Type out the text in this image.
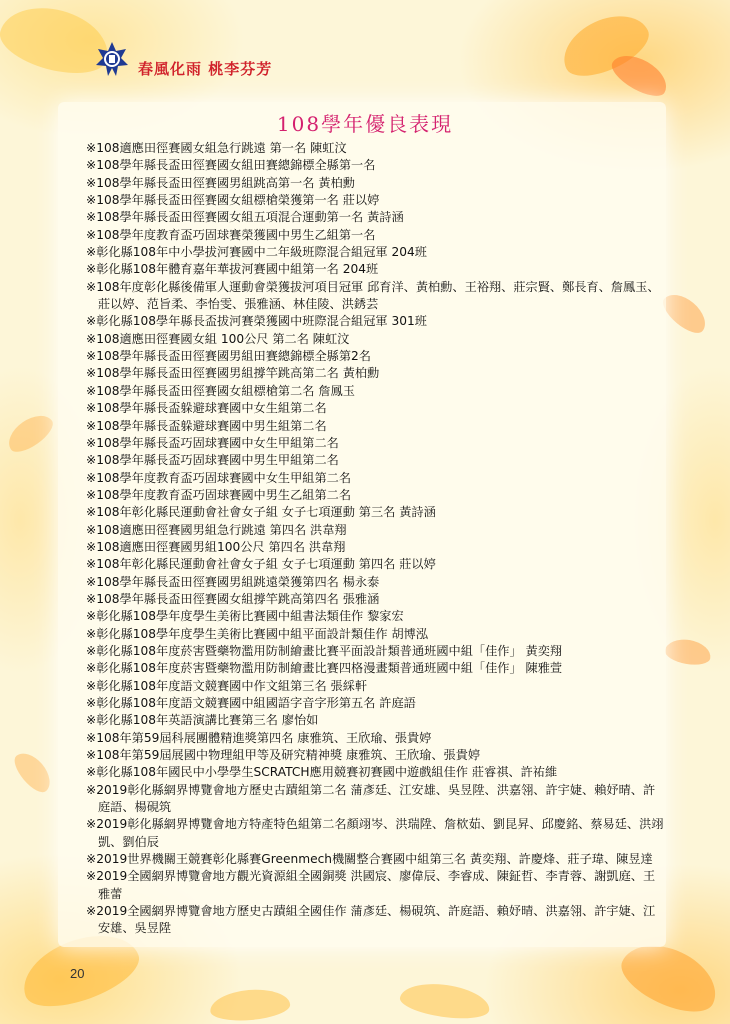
春風化雨 桃李芬芳
108學年優良表現
※108適應田徑賽國女組急行跳遠 第一名 陳虹汶
※108學年縣長盃田徑賽國女組田賽總錦標全縣第一名
※108學年縣長盃田徑賽國男組跳高第一名 黃柏勳
※108學年縣長盃田徑賽國女組標槍榮獲第一名 莊以婷
※108學年縣長盃田徑賽國女組五項混合運動第一名 黃詩涵
※108學年度教育盃巧固球賽榮獲國中男生乙組第一名
※彰化縣108年中小學拔河賽國中二年級班際混合組冠軍 204班
※彰化縣108年體育嘉年華拔河賽國中組第一名 204班
※108年度彰化縣後備軍人運動會榮獲拔河項目冠軍 邱育洋、黃柏勳、王裕翔、莊宗賢、鄭長育、詹鳳玉、莊以婷、范旨柔、李怡雯、張雅涵、林佳陵、洪銹芸
※彰化縣108學年縣長盃拔河賽榮獲國中班際混合組冠軍 301班
※108適應田徑賽國女組 100公尺 第二名 陳虹汶
※108學年縣長盃田徑賽國男組田賽總錦標全縣第2名
※108學年縣長盃田徑賽國男組撐竿跳高第二名 黃柏勳
※108學年縣長盃田徑賽國女組標槍第二名 詹鳳玉
※108學年縣長盃躲避球賽國中女生組第二名
※108學年縣長盃躲避球賽國中男生組第二名
※108學年縣長盃巧固球賽國中女生甲組第二名
※108學年縣長盃巧固球賽國中男生甲組第二名
※108學年度教育盃巧固球賽國中女生甲組第二名
※108學年度教育盃巧固球賽國中男生乙組第二名
※108年彰化縣民運動會社會女子組 女子七項運動 第三名 黃詩涵
※108適應田徑賽國男組急行跳遠 第四名 洪韋翔
※108適應田徑賽國男組100公尺 第四名 洪韋翔
※108年彰化縣民運動會社會女子組 女子七項運動 第四名 莊以婷
※108學年縣長盃田徑賽國男組跳遠榮獲第四名 楊永泰
※108學年縣長盃田徑賽國女組撐竿跳高第四名 張雅涵
※彰化縣108學年度學生美術比賽國中組書法類佳作 黎家宏
※彰化縣108學年度學生美術比賽國中組平面設計類佳作 胡博泓
※彰化縣108年度菸害暨藥物濫用防制繪畫比賽平面設計類普通班國中組「佳作」 黃奕翔
※彰化縣108年度菸害暨藥物濫用防制繪畫比賽四格漫畫類普通班國中組「佳作」 陳雅萱
※彰化縣108年度語文競賽國中作文組第三名 張綵軒
※彰化縣108年度語文競賽國中組國語字音字形第五名 許庭語
※彰化縣108年英語演講比賽第三名 廖怡如
※108年第59屆科展團體精進獎第四名 康雅筑、王欣瑜、張貴婷
※108年第59屆展國中物理組甲等及研究精神獎 康雅筑、王欣瑜、張貴婷
※彰化縣108年國民中小學學生SCRATCH應用競賽初賽國中遊戲組佳作 莊睿祺、許祐維
※2019彰化縣網界博覽會地方歷史古蹟組第二名 蒲彥廷、江安雄、吳昱陞、洪嘉翎、許宇婕、賴妤晴、許庭語、楊硯筑
※2019彰化縣網界博覽會地方特產特色組第二名顏翊岑、洪瑞陞、詹栨茹、劉昆昇、邱慶銘、蔡易廷、洪翊凱、劉伯辰
※2019世界機關王競賽彰化縣賽Greenmech機關整合賽國中組第三名 黃奕翔、許慶烽、莊子瑋、陳昱達
※2019全國網界博覽會地方觀光資源組全國銅獎 洪國宸、廖偉辰、李睿成、陳鉦哲、李青蓉、謝凱庭、王雅蕾
※2019全國網界博覽會地方歷史古蹟組全國佳作 蒲彥廷、楊硯筑、許庭語、賴妤晴、洪嘉翎、許宇婕、江安雄、吳昱陞
20
